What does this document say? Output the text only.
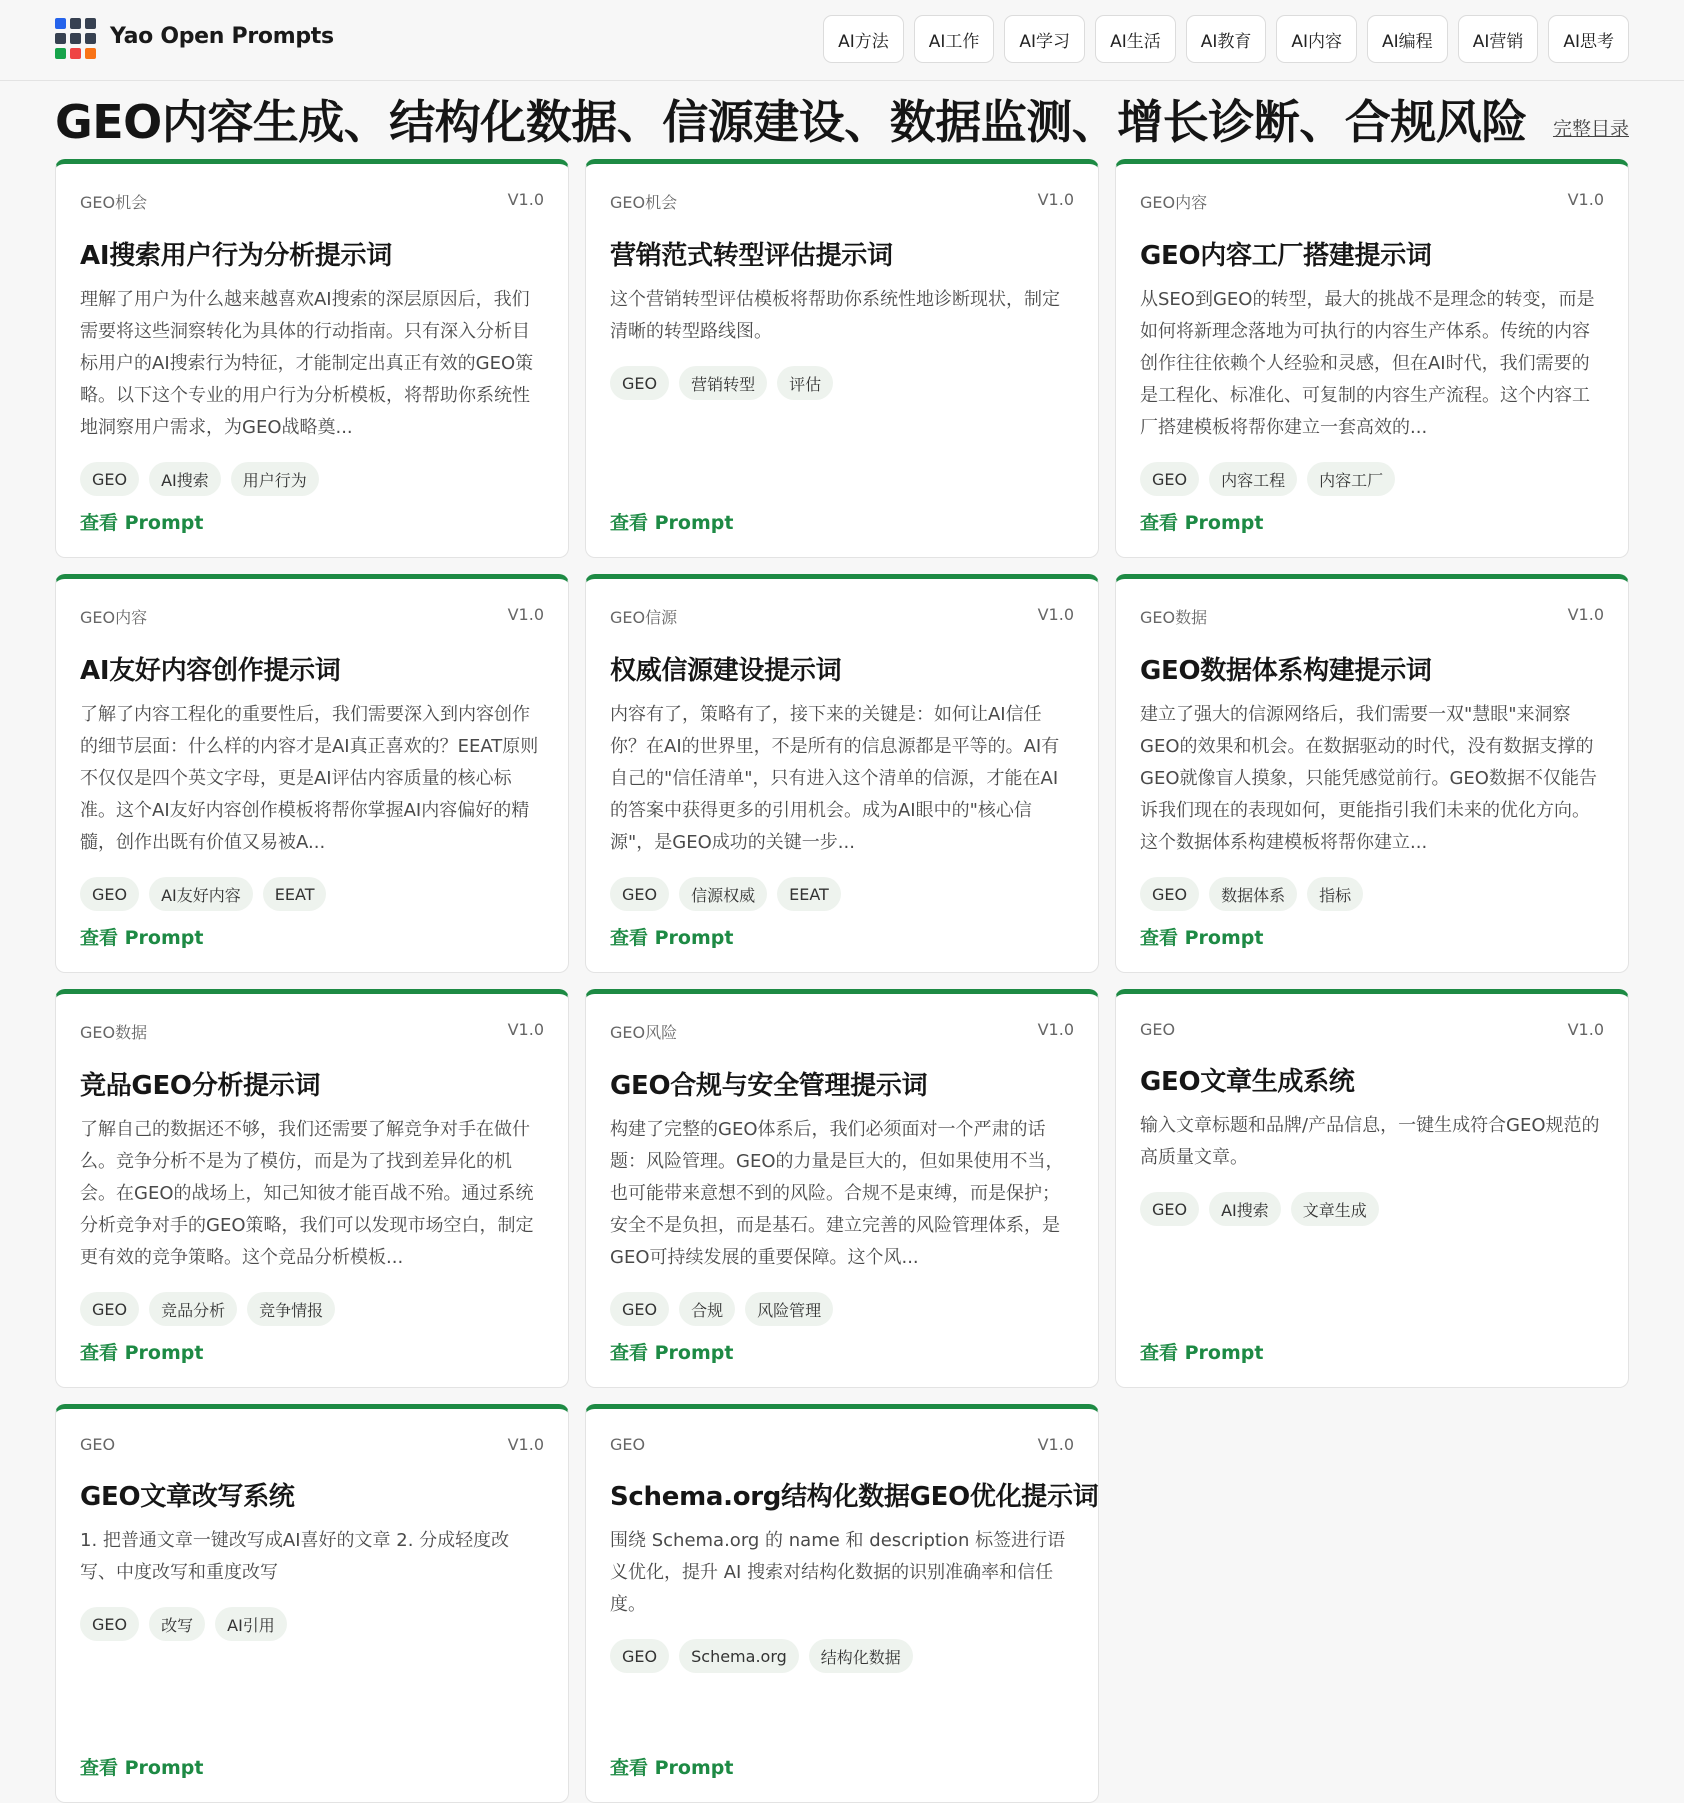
Yao Open Prompts	AI方法	AI工作	AI学习	AI生活	AI教育	AI内容	AI编程	AI营销	AI思考
GEO内容生成、结构化数据、信源建设、数据监测、增长诊断、合规风险 完整目录
GEO机会	V1.0
AI搜索用户行为分析提示词
理解了用户为什么越来越喜欢AI搜索的深层原因后，我们需要将这些洞察转化为具体的行动指南。只有深入分析目标用户的AI搜索行为特征，才能制定出真正有效的GEO策略。以下这个专业的用户行为分析模板，将帮助你系统性地洞察用户需求，为GEO战略奠...
GEO	AI搜索	用户行为
查看 Prompt
GEO机会	V1.0
营销范式转型评估提示词
这个营销转型评估模板将帮助你系统性地诊断现状，制定清晰的转型路线图。
GEO	营销转型	评估
查看 Prompt
GEO内容	V1.0
GEO内容工厂搭建提示词
从SEO到GEO的转型，最大的挑战不是理念的转变，而是如何将新理念落地为可执行的内容生产体系。传统的内容创作往往依赖个人经验和灵感，但在AI时代，我们需要的是工程化、标准化、可复制的内容生产流程。这个内容工厂搭建模板将帮你建立一套高效的...
GEO	内容工程	内容工厂
查看 Prompt
GEO内容	V1.0
AI友好内容创作提示词
了解了内容工程化的重要性后，我们需要深入到内容创作的细节层面：什么样的内容才是AI真正喜欢的？EEAT原则不仅仅是四个英文字母，更是AI评估内容质量的核心标准。这个AI友好内容创作模板将帮你掌握AI内容偏好的精髓，创作出既有价值又易被A...
GEO	AI友好内容	EEAT
查看 Prompt
GEO信源	V1.0
权威信源建设提示词
内容有了，策略有了，接下来的关键是：如何让AI信任你？在AI的世界里，不是所有的信息源都是平等的。AI有自己的"信任清单"，只有进入这个清单的信源，才能在AI的答案中获得更多的引用机会。成为AI眼中的"核心信源"，是GEO成功的关键一步...
GEO	信源权威	EEAT
查看 Prompt
GEO数据	V1.0
GEO数据体系构建提示词
建立了强大的信源网络后，我们需要一双"慧眼"来洞察GEO的效果和机会。在数据驱动的时代，没有数据支撑的GEO就像盲人摸象，只能凭感觉前行。GEO数据不仅能告诉我们现在的表现如何，更能指引我们未来的优化方向。这个数据体系构建模板将帮你建立...
GEO	数据体系	指标
查看 Prompt
GEO数据	V1.0
竞品GEO分析提示词
了解自己的数据还不够，我们还需要了解竞争对手在做什么。竞争分析不是为了模仿，而是为了找到差异化的机会。在GEO的战场上，知己知彼才能百战不殆。通过系统分析竞争对手的GEO策略，我们可以发现市场空白，制定更有效的竞争策略。这个竞品分析模板...
GEO	竞品分析	竞争情报
查看 Prompt
GEO风险	V1.0
GEO合规与安全管理提示词
构建了完整的GEO体系后，我们必须面对一个严肃的话题：风险管理。GEO的力量是巨大的，但如果使用不当，也可能带来意想不到的风险。合规不是束缚，而是保护；安全不是负担，而是基石。建立完善的风险管理体系，是GEO可持续发展的重要保障。这个风...
GEO	合规	风险管理
查看 Prompt
GEO	V1.0
GEO文章生成系统
输入文章标题和品牌/产品信息，一键生成符合GEO规范的高质量文章。
GEO	AI搜索	文章生成
查看 Prompt
GEO	V1.0
GEO文章改写系统
1. 把普通文章一键改写成AI喜好的文章 2. 分成轻度改写、中度改写和重度改写
GEO	改写	AI引用
查看 Prompt
GEO	V1.0
Schema.org结构化数据GEO优化提示词
围绕 Schema.org 的 name 和 description 标签进行语义优化，提升 AI 搜索对结构化数据的识别准确率和信任度。
GEO	Schema.org	结构化数据
查看 Prompt
